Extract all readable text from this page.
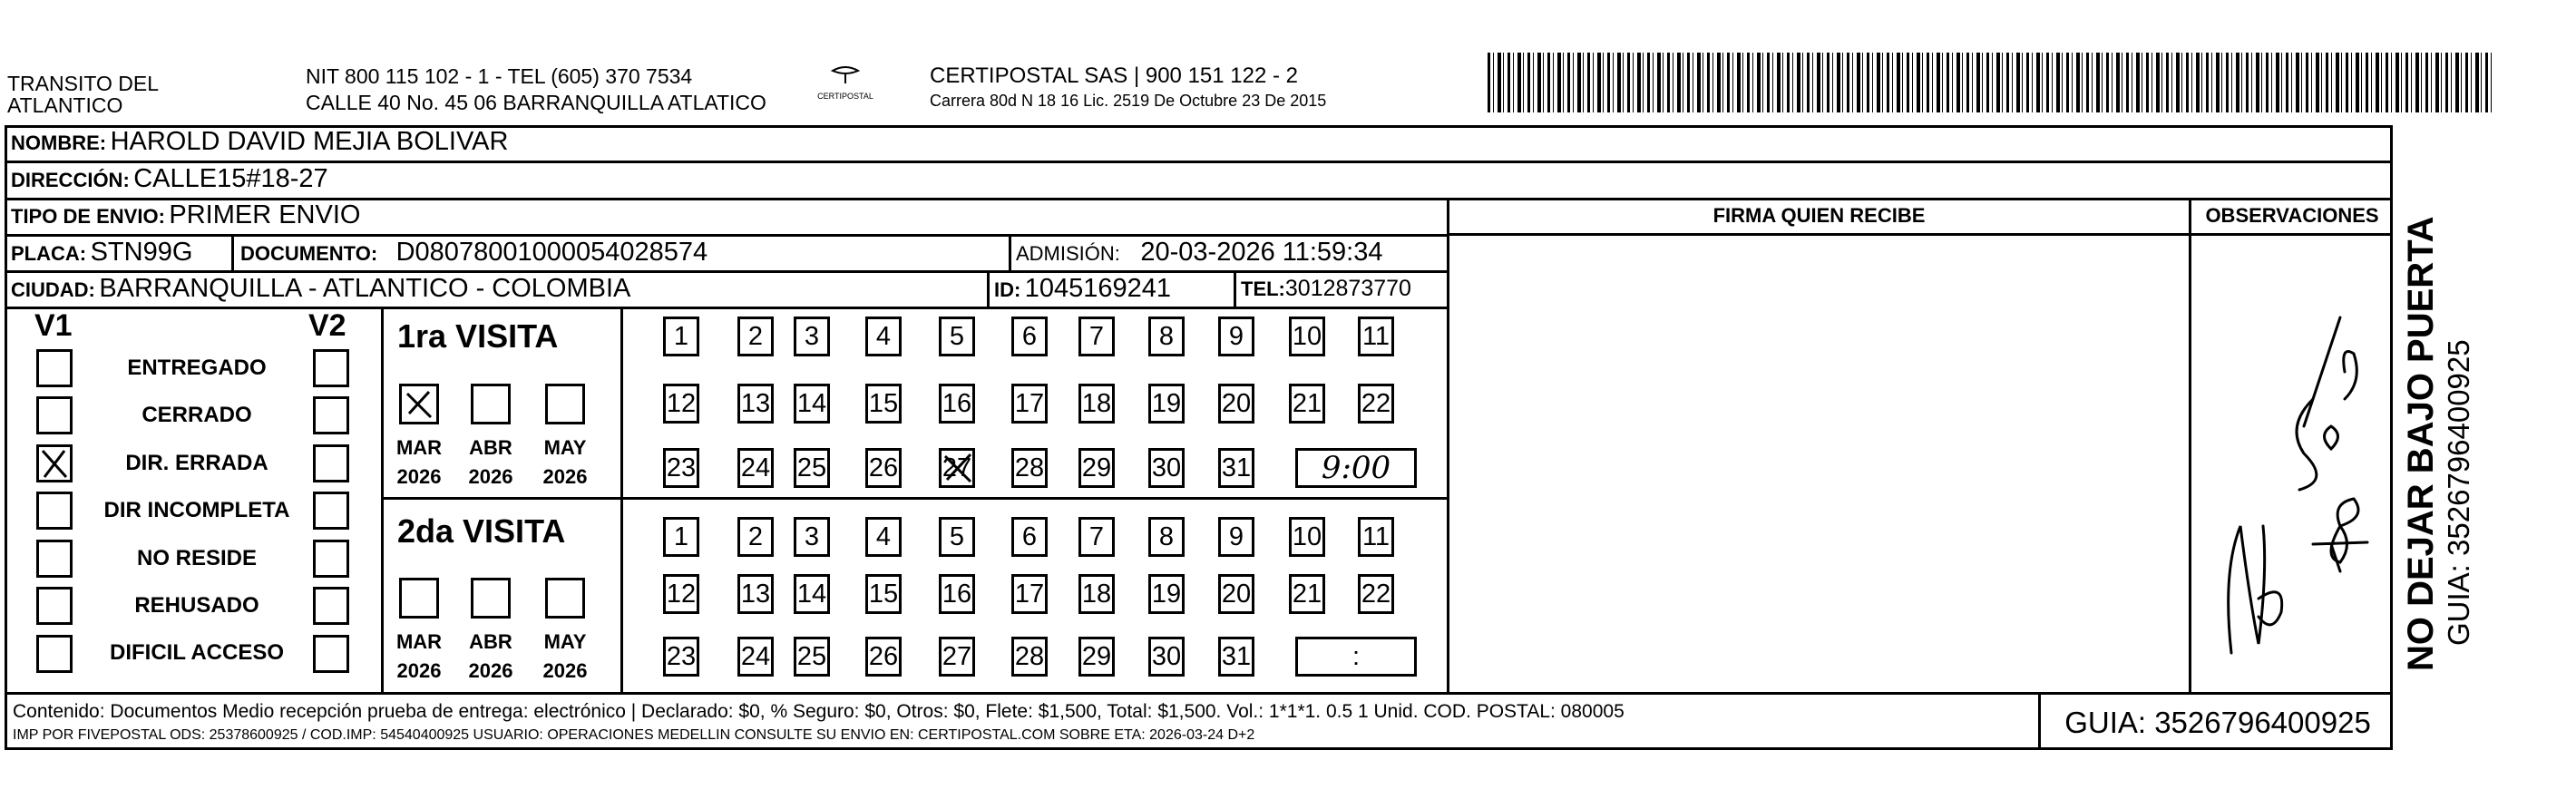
TRANSITO DEL
ATLANTICO
NIT 800 115 102 - 1 - TEL (605) 370 7534
CALLE 40 No. 45 06 BARRANQUILLA ATLATICO	CERTIPOSTAL
CERTIPOSTAL SAS | 900 151 122 - 2
Carrera 80d N 18 16 Lic. 2519 De Octubre 23 De 2015
NOMBRE: HAROLD DAVID MEJIA BOLIVAR
DIRECCIÓN: CALLE15#18-27
TIPO DE ENVIO: PRIMER ENVIO
PLACA: STN99G DOCUMENTO: D08078001000054028574	ADMISIÓN: 20-03-2026 11:59:34
CIUDAD: BARRANQUILLA - ATLANTICO - COLOMBIA	ID: 1045169241	TEL:3012873770
FIRMA QUIEN RECIBE	OBSERVACIONES
V1	V2
ENTREGADO
CERRADO
DIR. ERRADA
DIR INCOMPLETA
NO RESIDE
REHUSADO
DIFICIL ACCESO
1ra VISITA
MAR
2026
ABR
2026
MAY
2026
2da VISITA
MAR
2026
ABR
2026
MAY
2026
1 2 3 4 5 6 7 8 9 10 11
12 13 14 15 16 17 18 19 20 21 22
23 24 25 26 27 28 29 30 31 9:00
1 2 3 4 5 6 7 8 9 10 11
12 13 14 15 16 17 18 19 20 21 22
23 24 25 26 27 28 29 30 31	:	NO DEJAR BAJO PUERTA GUIA: 3526796400925
Contenido: Documentos Medio recepción prueba de entrega: electrónico | Declarado: $0, % Seguro: $0, Otros: $0, Flete: $1,500, Total: $1,500. Vol.: 1*1*1. 0.5 1 Unid. COD. POSTAL: 080005
IMP POR FIVEPOSTAL ODS: 25378600925 / COD.IMP: 54540400925 USUARIO: OPERACIONES MEDELLIN CONSULTE SU ENVIO EN: CERTIPOSTAL.COM SOBRE ETA: 2026-03-24 D+2	GUIA: 3526796400925
